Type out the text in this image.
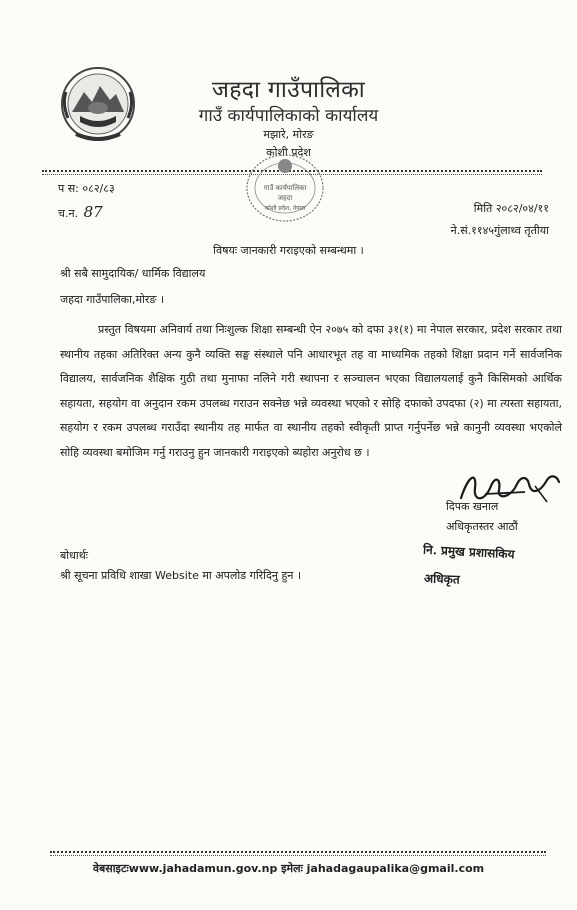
जहदा गाउँपालिका
गाउँ कार्यपालिकाको कार्यालय
मझारे, मोरङ
कोशी प्रदेश
गाउँ कार्यपालिका
जहदा
कोशी प्रदेश, नेपाल
प स: ०८२/८३
च.न. 87	मिति २०८२/०४/११
ने.सं.११४५गुंलाथ्व तृतीया
विषयः जानकारी गराइएको सम्बन्धमा ।
श्री सबै सामुदायिक/ धार्मिक विद्यालय
जहदा गाउँपालिका,मोरङ ।
प्रस्तुत विषयमा अनिवार्य तथा निःशुल्क शिक्षा सम्बन्धी ऐन २०७५ को दफा ३१(१) मा नेपाल सरकार, प्रदेश सरकार तथा स्थानीय तहका अतिरिक्त अन्य कुनै व्यक्ति सङ्घ संस्थाले पनि आधारभूत तह वा माध्यमिक तहको शिक्षा प्रदान गर्ने सार्वजनिक विद्यालय, सार्वजनिक शैक्षिक गुठी तथा मुनाफा नलिने गरी स्थापना र सञ्चालन भएका विद्यालयलाई कुनै किसिमको आर्थिक सहायता, सहयोग वा अनुदान रकम उपलब्ध गराउन सक्नेछ भन्ने व्यवस्था भएको र सोहि दफाको उपदफा (२) मा त्यस्ता सहायता, सहयोग र रकम उपलब्ध गराउँदा स्थानीय तह मार्फत वा स्थानीय तहको स्वीकृती प्राप्त गर्नुपर्नेछ भन्ने कानुनी व्यवस्था भएकोले सोहि व्यवस्था बमोजिम गर्नु गराउनु हुन जानकारी गराइएको ब्यहोरा अनुरोध छ ।
दिपक खनाल
अधिकृतस्तर आठौं
नि. प्रमुख प्रशासकिय
अधिकृत
बोधार्थः
श्री सूचना प्रविधि शाखा Website मा अपलोड गरिदिनु हुन ।
वेबसाइटःwww.jahadamun.gov.np इमेलः jahadagaupalika@gmail.com
